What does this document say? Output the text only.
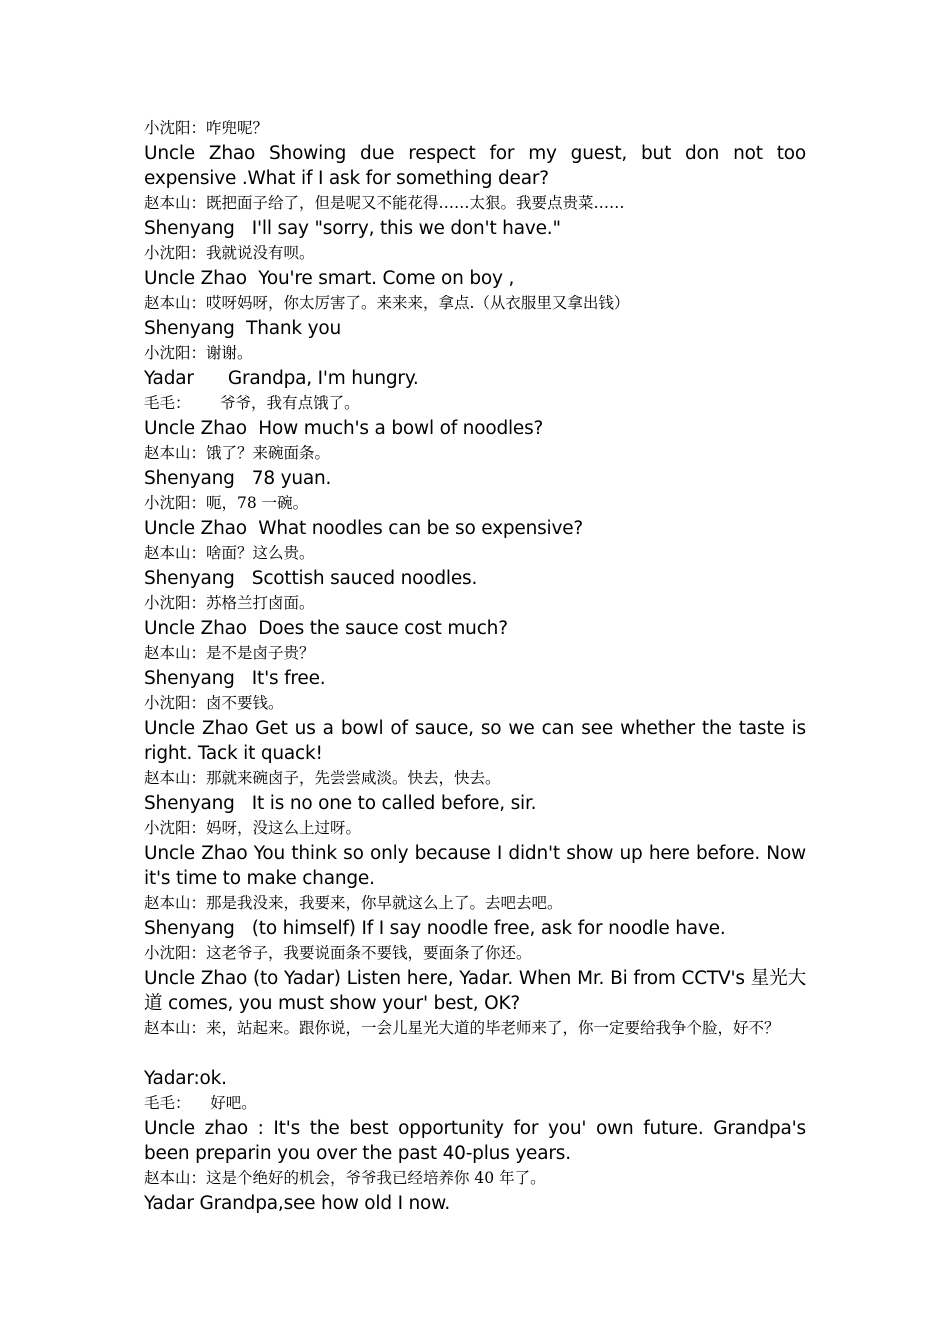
小沈阳：咋兜呢？

Uncle Zhao Showing due respect for my guest, but don not too expensive .What if I ask for something dear?

赵本山：既把面子给了，但是呢又不能花得……太狠。我要点贵菜……

Shenyang   I'll say "sorry, this we don't have."

小沈阳：我就说没有呗。

Uncle Zhao  You're smart. Come on boy ,

赵本山：哎呀妈呀，你太厉害了。来来来，拿点.（从衣服里又拿出钱）

Shenyang  Thank you

小沈阳：谢谢。

Yadar      Grandpa, I'm hungry.

毛毛：      爷爷，我有点饿了。

Uncle Zhao  How much's a bowl of noodles?

赵本山：饿了？来碗面条。

Shenyang   78 yuan.

小沈阳：呃，78 一碗。

Uncle Zhao  What noodles can be so expensive?

赵本山：啥面？这么贵。

Shenyang   Scottish sauced noodles.

小沈阳：苏格兰打卤面。

Uncle Zhao  Does the sauce cost much?

赵本山：是不是卤子贵？

Shenyang   It's free.

小沈阳：卤不要钱。

Uncle Zhao Get us a bowl of sauce, so we can see whether the taste is right. Tack it quack!

赵本山：那就来碗卤子，先尝尝咸淡。快去，快去。

Shenyang   It is no one to called before, sir.

小沈阳：妈呀，没这么上过呀。

Uncle Zhao You think so only because I didn't show up here before. Now it's time to make change.

赵本山：那是我没来，我要来，你早就这么上了。去吧去吧。

Shenyang   (to himself) If I say noodle free, ask for noodle have.

小沈阳：这老爷子，我要说面条不要钱，要面条了你还。

Uncle Zhao (to Yadar) Listen here, Yadar. When Mr. Bi from CCTV's 星光大道 comes, you must show your' best, OK?

赵本山：来，站起来。跟你说，一会儿星光大道的毕老师来了，你一定要给我争个脸，好不？

Yadar:ok.

毛毛：    好吧。

Uncle zhao : It's the best opportunity for you' own future. Grandpa's been preparin you over the past 40-plus years.

赵本山：这是个绝好的机会，爷爷我已经培养你 40 年了。

Yadar Grandpa,see how old I now.
